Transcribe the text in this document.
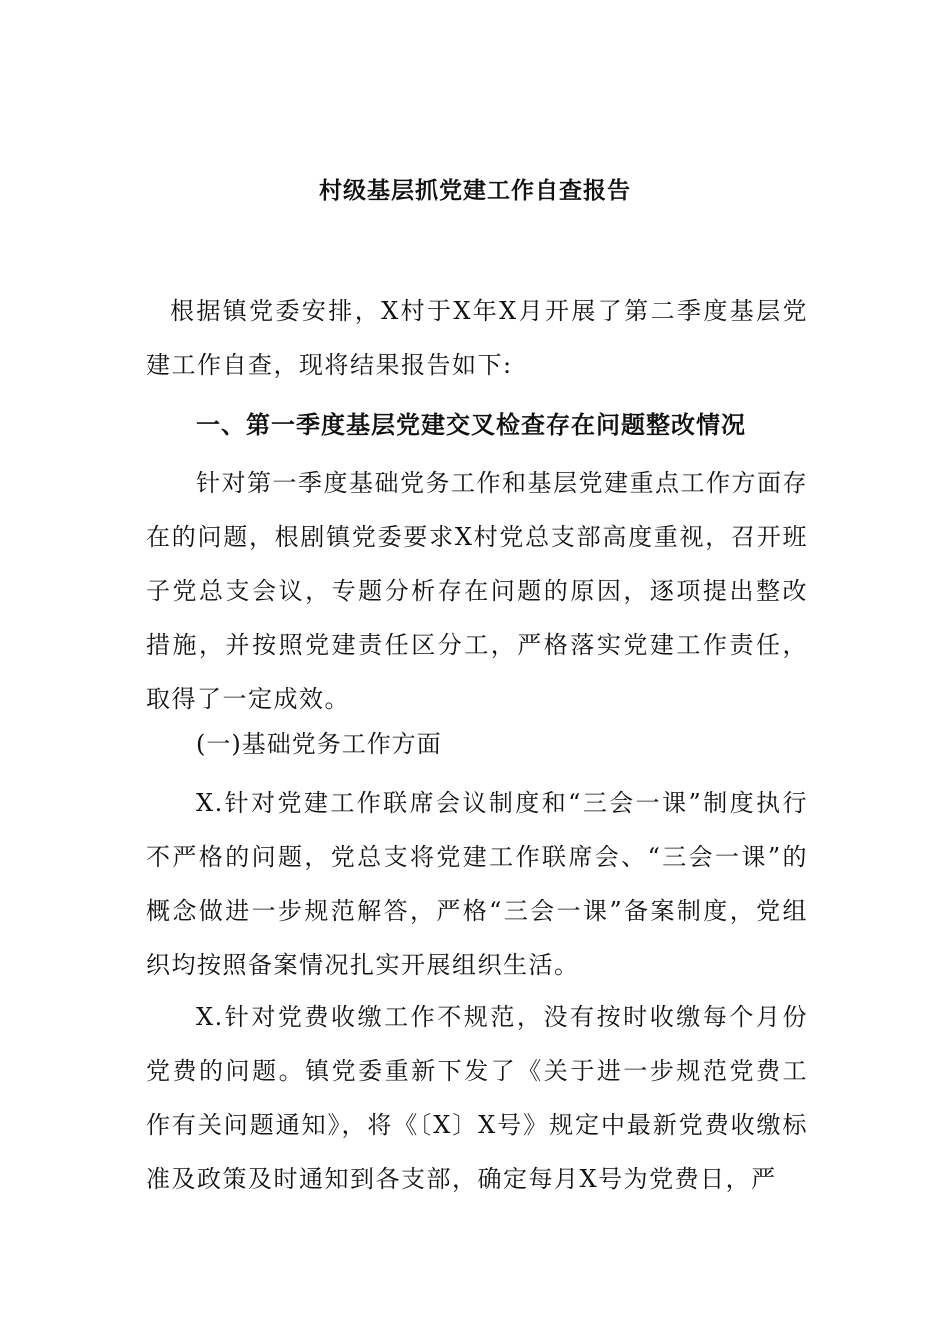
村级基层抓党建工作自查报告

根据镇党委安排，X村于X年X月开展了第二季度基层党建工作自查，现将结果报告如下:

一、第一季度基层党建交叉检查存在问题整改情况

针对第一季度基础党务工作和基层党建重点工作方面存在的问题，根剧镇党委要求X村党总支部高度重视，召开班子党总支会议，专题分析存在问题的原因，逐项提出整改措施，并按照党建责任区分工，严格落实党建工作责任，取得了一定成效。

(一)基础党务工作方面

X.针对党建工作联席会议制度和“三会一课”制度执行不严格的问题，党总支将党建工作联席会、“三会一课”的概念做进一步规范解答，严格“三会一课”备案制度，党组织均按照备案情况扎实开展组织生活。

X.针对党费收缴工作不规范，没有按时收缴每个月份党费的问题。镇党委重新下发了《关于进一步规范党费工作有关问题通知》，将《〔X〕X号》规定中最新党费收缴标准及政策及时通知到各支部，确定每月X号为党费日，严
